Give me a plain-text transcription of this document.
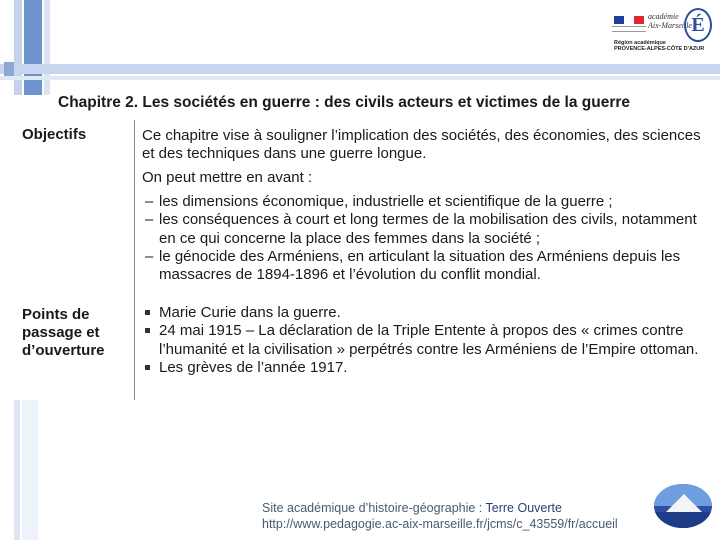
académie
Aix-Marseille É
Région académique
PROVENCE-ALPES-CÔTE D'AZUR
Chapitre 2. Les sociétés en guerre : des civils acteurs et victimes de la guerre
Objectifs	Ce chapitre vise à souligner l’implication des sociétés, des économies, des sciences et des techniques dans une guerre longue.
On peut mettre en avant :
– les dimensions économique, industrielle et scientifique de la guerre ;
– les conséquences à court et long termes de la mobilisation des civils, notamment en ce qui concerne la place des femmes dans la société ;
– le génocide des Arméniens, en articulant la situation des Arméniens depuis les massacres de 1894-1896 et l’évolution du conflit mondial.
Points de passage et d’ouverture
Marie Curie dans la guerre.
24 mai 1915 – La déclaration de la Triple Entente à propos des « crimes contre l’humanité et la civilisation » perpétrés contre les Arméniens de l’Empire ottoman.
Les grèves de l’année 1917.
Site académique d’histoire-géographie : Terre Ouverte
http://www.pedagogie.ac-aix-marseille.fr/jcms/c_43559/fr/accueil
